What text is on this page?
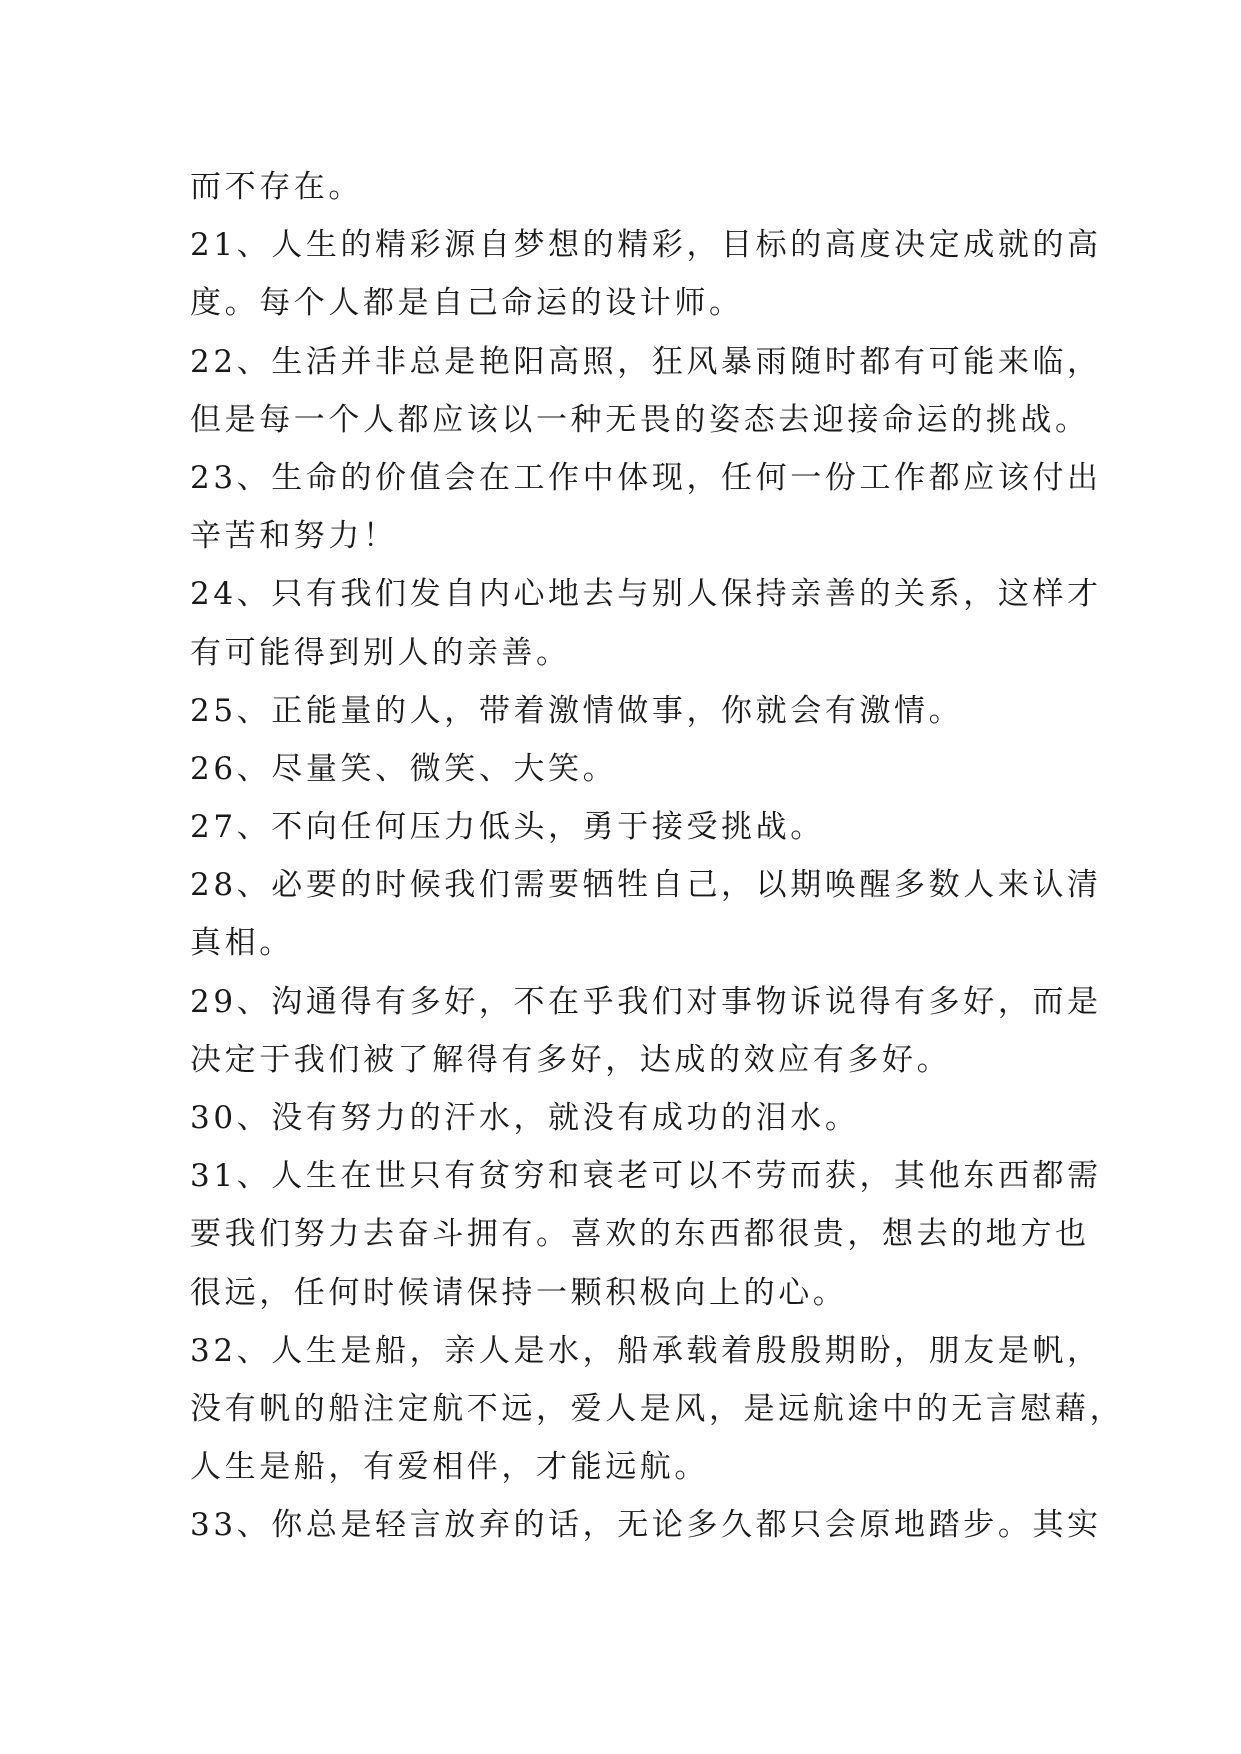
而不存在。
21、人生的精彩源自梦想的精彩，目标的高度决定成就的高
度。每个人都是自己命运的设计师。
22、生活并非总是艳阳高照，狂风暴雨随时都有可能来临，
但是每一个人都应该以一种无畏的姿态去迎接命运的挑战。
23、生命的价值会在工作中体现，任何一份工作都应该付出
辛苦和努力！
24、只有我们发自内心地去与别人保持亲善的关系，这样才
有可能得到别人的亲善。
25、正能量的人，带着激情做事，你就会有激情。
26、尽量笑、微笑、大笑。
27、不向任何压力低头，勇于接受挑战。
28、必要的时候我们需要牺牲自己，以期唤醒多数人来认清
真相。
29、沟通得有多好，不在乎我们对事物诉说得有多好，而是
决定于我们被了解得有多好，达成的效应有多好。
30、没有努力的汗水，就没有成功的泪水。
31、人生在世只有贫穷和衰老可以不劳而获，其他东西都需
要我们努力去奋斗拥有。喜欢的东西都很贵，想去的地方也
很远，任何时候请保持一颗积极向上的心。
32、人生是船，亲人是水，船承载着殷殷期盼，朋友是帆，
没有帆的船注定航不远，爱人是风，是远航途中的无言慰藉，
人生是船，有爱相伴，才能远航。
33、你总是轻言放弃的话，无论多久都只会原地踏步。其实
